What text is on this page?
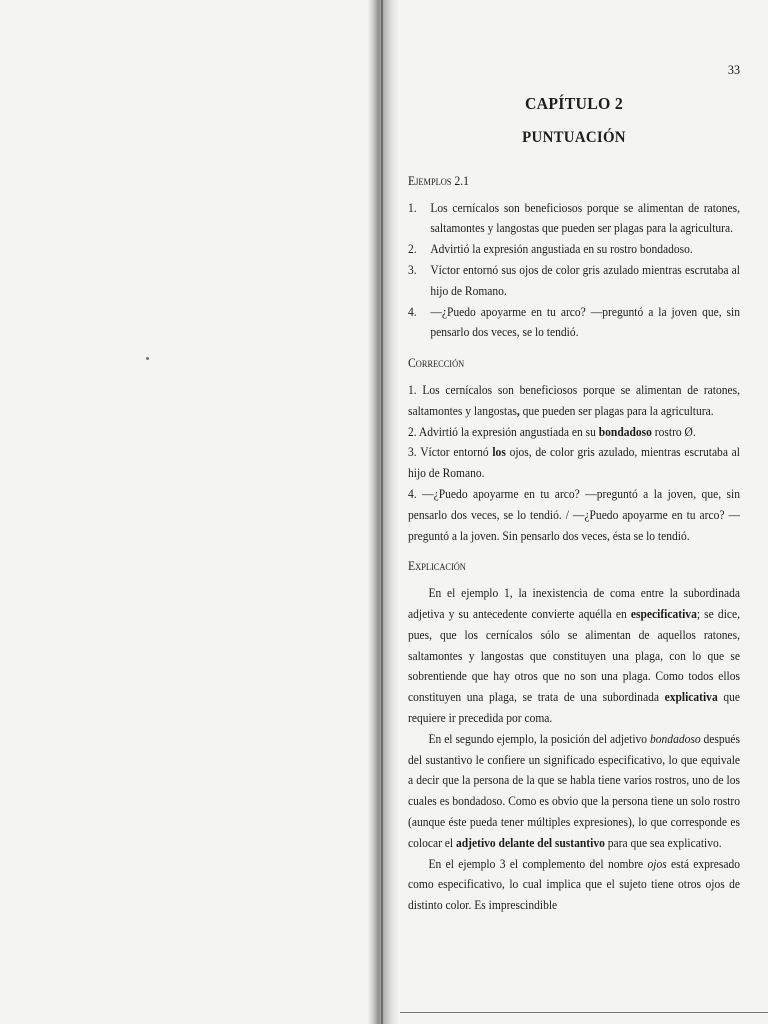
33
CAPÍTULO 2
PUNTUACIÓN
Ejemplos 2.1
1.	Los cernícalos son beneficiosos porque se alimentan de ratones, saltamontes y langostas que pueden ser plagas para la agricultura.
2.	Advirtió la expresión angustiada en su rostro bondadoso.
3.	Víctor entornó sus ojos de color gris azulado mientras escrutaba al hijo de Romano.
4.	—¿Puedo apoyarme en tu arco? —preguntó a la joven que, sin pensarlo dos veces, se lo tendió.
Corrección

1. Los cernícalos son beneficiosos porque se alimentan de ratones, saltamontes y langostas, que pueden ser plagas para la agricultura.

2. Advirtió la expresión angustiada en su bondadoso rostro Ø.

3. Víctor entornó los ojos, de color gris azulado, mientras escrutaba al hijo de Romano.

4. —¿Puedo apoyarme en tu arco? —preguntó a la joven, que, sin pensarlo dos veces, se lo tendió. / —¿Puedo apoyarme en tu arco? —preguntó a la joven. Sin pensarlo dos veces, ésta se lo tendió.

Explicación

En el ejemplo 1, la inexistencia de coma entre la subordinada adjetiva y su antecedente convierte aquélla en especificativa; se dice, pues, que los cernícalos sólo se alimentan de aquellos ratones, saltamontes y langostas que constituyen una plaga, con lo que se sobrentiende que hay otros que no son una plaga. Como todos ellos constituyen una plaga, se trata de una subordinada explicativa que requiere ir precedida por coma.

En el segundo ejemplo, la posición del adjetivo bondadoso después del sustantivo le confiere un significado especificativo, lo que equivale a decir que la persona de la que se habla tiene varios rostros, uno de los cuales es bondadoso. Como es obvio que la persona tiene un solo rostro (aunque éste pueda tener múltiples expresiones), lo que corresponde es colocar el adjetivo delante del sustantivo para que sea explicativo.

En el ejemplo 3 el complemento del nombre ojos está expresado como especificativo, lo cual implica que el sujeto tiene otros ojos de distinto color. Es imprescindible
